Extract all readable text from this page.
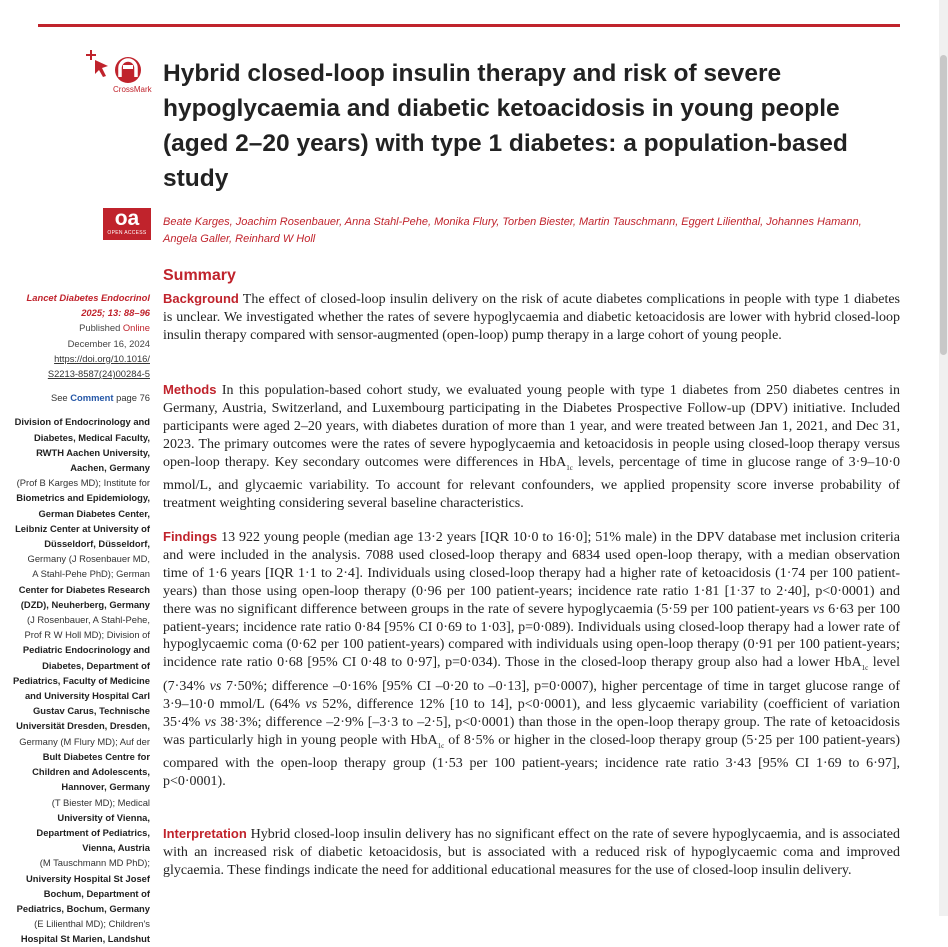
CrossMark
Hybrid closed-loop insulin therapy and risk of severe hypoglycaemia and diabetic ketoacidosis in young people (aged 2–20 years) with type 1 diabetes: a population-based study
oa
OPEN ACCESS

Beate Karges, Joachim Rosenbauer, Anna Stahl-Pehe, Monika Flury, Torben Biester, Martin Tauschmann, Eggert Lilienthal, Johannes Hamann, Angela Galler, Reinhard W Holl

Lancet Diabetes Endocrinol
2025; 13: 88–96
Published Online
December 16, 2024
https://doi.org/10.1016/
S2213-8587(24)00284-5
See Comment page 76
Division of Endocrinology and
Diabetes, Medical Faculty,
RWTH Aachen University,
Aachen, Germany
(Prof B Karges MD); Institute for
Biometrics and Epidemiology,
German Diabetes Center,
Leibniz Center at University of
Düsseldorf, Düsseldorf,
Germany (J Rosenbauer MD,
A Stahl-Pehe PhD); German
Center for Diabetes Research
(DZD), Neuherberg, Germany
(J Rosenbauer, A Stahl-Pehe,
Prof R W Holl MD); Division of
Pediatric Endocrinology and
Diabetes, Department of
Pediatrics, Faculty of Medicine
and University Hospital Carl
Gustav Carus, Technische
Universität Dresden, Dresden,
Germany (M Flury MD); Auf der
Bult Diabetes Centre for
Children and Adolescents,
Hannover, Germany
(T Biester MD); Medical
University of Vienna,
Department of Pediatrics,
Vienna, Austria
(M Tauschmann MD PhD);
University Hospital St Josef
Bochum, Department of
Pediatrics, Bochum, Germany
(E Lilienthal MD); Children's
Hospital St Marien, Landshut
Summary

Background The effect of closed-loop insulin delivery on the risk of acute diabetes complications in people with type 1 diabetes is unclear. We investigated whether the rates of severe hypoglycaemia and diabetic ketoacidosis are lower with hybrid closed-loop insulin therapy compared with sensor-augmented (open-loop) pump therapy in a large cohort of young people.

Methods In this population-based cohort study, we evaluated young people with type 1 diabetes from 250 diabetes centres in Germany, Austria, Switzerland, and Luxembourg participating in the Diabetes Prospective Follow-up (DPV) initiative. Included participants were aged 2–20 years, with diabetes duration of more than 1 year, and were treated between Jan 1, 2021, and Dec 31, 2023. The primary outcomes were the rates of severe hypoglycaemia and ketoacidosis in people using closed-loop therapy versus open-loop therapy. Key secondary outcomes were differences in HbA$_{1c}$ levels, percentage of time in glucose range of 3·9–10·0 mmol/L, and glycaemic variability. To account for relevant confounders, we applied propensity score inverse probability of treatment weighting considering several baseline characteristics.

Findings 13 922 young people (median age 13·2 years [IQR 10·0 to 16·0]; 51% male) in the DPV database met inclusion criteria and were included in the analysis. 7088 used closed-loop therapy and 6834 used open-loop therapy, with a median observation time of 1·6 years [IQR 1·1 to 2·4]. Individuals using closed-loop therapy had a higher rate of ketoacidosis (1·74 per 100 patient-years) than those using open-loop therapy (0·96 per 100 patient-years; incidence rate ratio 1·81 [1·37 to 2·40], p<0·0001) and there was no significant difference between groups in the rate of severe hypoglycaemia (5·59 per 100 patient-years vs 6·63 per 100 patient-years; incidence rate ratio 0·84 [95% CI 0·69 to 1·03], p=0·089). Individuals using closed-loop therapy had a lower rate of hypoglycaemic coma (0·62 per 100 patient-years) compared with individuals using open-loop therapy (0·91 per 100 patient-years; incidence rate ratio 0·68 [95% CI 0·48 to 0·97], p=0·034). Those in the closed-loop therapy group also had a lower HbA$_{1c}$ level (7·34% vs 7·50%; difference –0·16% [95% CI –0·20 to –0·13], p=0·0007), higher percentage of time in target glucose range of 3·9–10·0 mmol/L (64% vs 52%, difference 12% [10 to 14], p<0·0001), and less glycaemic variability (coefficient of variation 35·4% vs 38·3%; difference –2·9% [–3·3 to –2·5], p<0·0001) than those in the open-loop therapy group. The rate of ketoacidosis was particularly high in young people with HbA$_{1c}$ of 8·5% or higher in the closed-loop therapy group (5·25 per 100 patient-years) compared with the open-loop therapy group (1·53 per 100 patient-years; incidence rate ratio 3·43 [95% CI 1·69 to 6·97], p<0·0001).

Interpretation Hybrid closed-loop insulin delivery has no significant effect on the rate of severe hypoglycaemia, and is associated with an increased risk of diabetic ketoacidosis, but is associated with a reduced risk of hypoglycaemic coma and improved glycaemia. These findings indicate the need for additional educational measures for the use of closed-loop insulin delivery.
